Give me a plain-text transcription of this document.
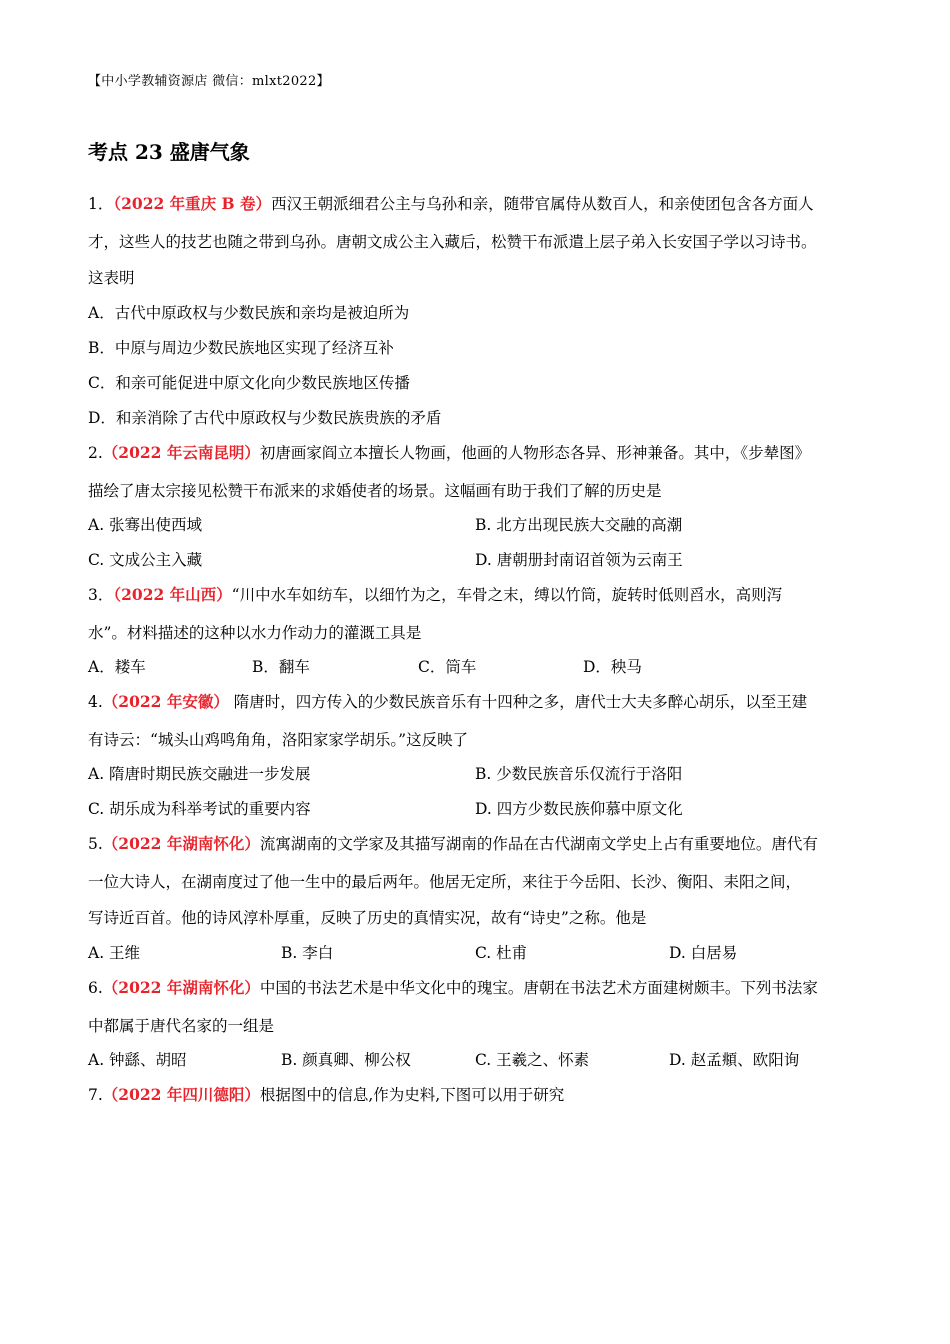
【中小学教辅资源店 微信：mlxt2022】
考点 23 盛唐气象
1．（2022 年重庆 B 卷）西汉王朝派细君公主与乌孙和亲，随带官属侍从数百人，和亲使团包含各方面人
才，这些人的技艺也随之带到乌孙。唐朝文成公主入藏后，松赞干布派遣上层子弟入长安国子学以习诗书。
这表明
A．古代中原政权与少数民族和亲均是被迫所为
B．中原与周边少数民族地区实现了经济互补
C．和亲可能促进中原文化向少数民族地区传播
D．和亲消除了古代中原政权与少数民族贵族的矛盾
2.（2022 年云南昆明）初唐画家阎立本擅长人物画，他画的人物形态各异、形神兼备。其中，《步辇图》
描绘了唐太宗接见松赞干布派来的求婚使者的场景。这幅画有助于我们了解的历史是
A. 张骞出使西域	B. 北方出现民族大交融的高潮
C. 文成公主入藏	D. 唐朝册封南诏首领为云南王
3．（2022 年山西）“川中水车如纺车，以细竹为之，车骨之末，缚以竹筒，旋转时低则舀水，高则泻
水”。材料描述的这种以水力作动力的灌溉工具是
A．耧车	B．翻车	C．筒车	D．秧马
4.（2022 年安徽） 隋唐时，四方传入的少数民族音乐有十四种之多，唐代士大夫多醉心胡乐，以至王建
有诗云：“城头山鸡鸣角角，洛阳家家学胡乐。”这反映了
A. 隋唐时期民族交融进一步发展	B. 少数民族音乐仅流行于洛阳
C. 胡乐成为科举考试的重要内容	D. 四方少数民族仰慕中原文化
5.（2022 年湖南怀化）流寓湖南的文学家及其描写湖南的作品在古代湖南文学史上占有重要地位。唐代有
一位大诗人，在湖南度过了他一生中的最后两年。他居无定所，来往于今岳阳、长沙、衡阳、耒阳之间，
写诗近百首。他的诗风淳朴厚重，反映了历史的真情实况，故有“诗史”之称。他是
A. 王维	B. 李白	C. 杜甫	D. 白居易
6.（2022 年湖南怀化）中国的书法艺术是中华文化中的瑰宝。唐朝在书法艺术方面建树颇丰。下列书法家
中都属于唐代名家的一组是
A. 钟繇、胡昭	B. 颜真卿、柳公权	C. 王羲之、怀素	D. 赵孟頫、欧阳询
7.（2022 年四川德阳）根据图中的信息,作为史料,下图可以用于研究
